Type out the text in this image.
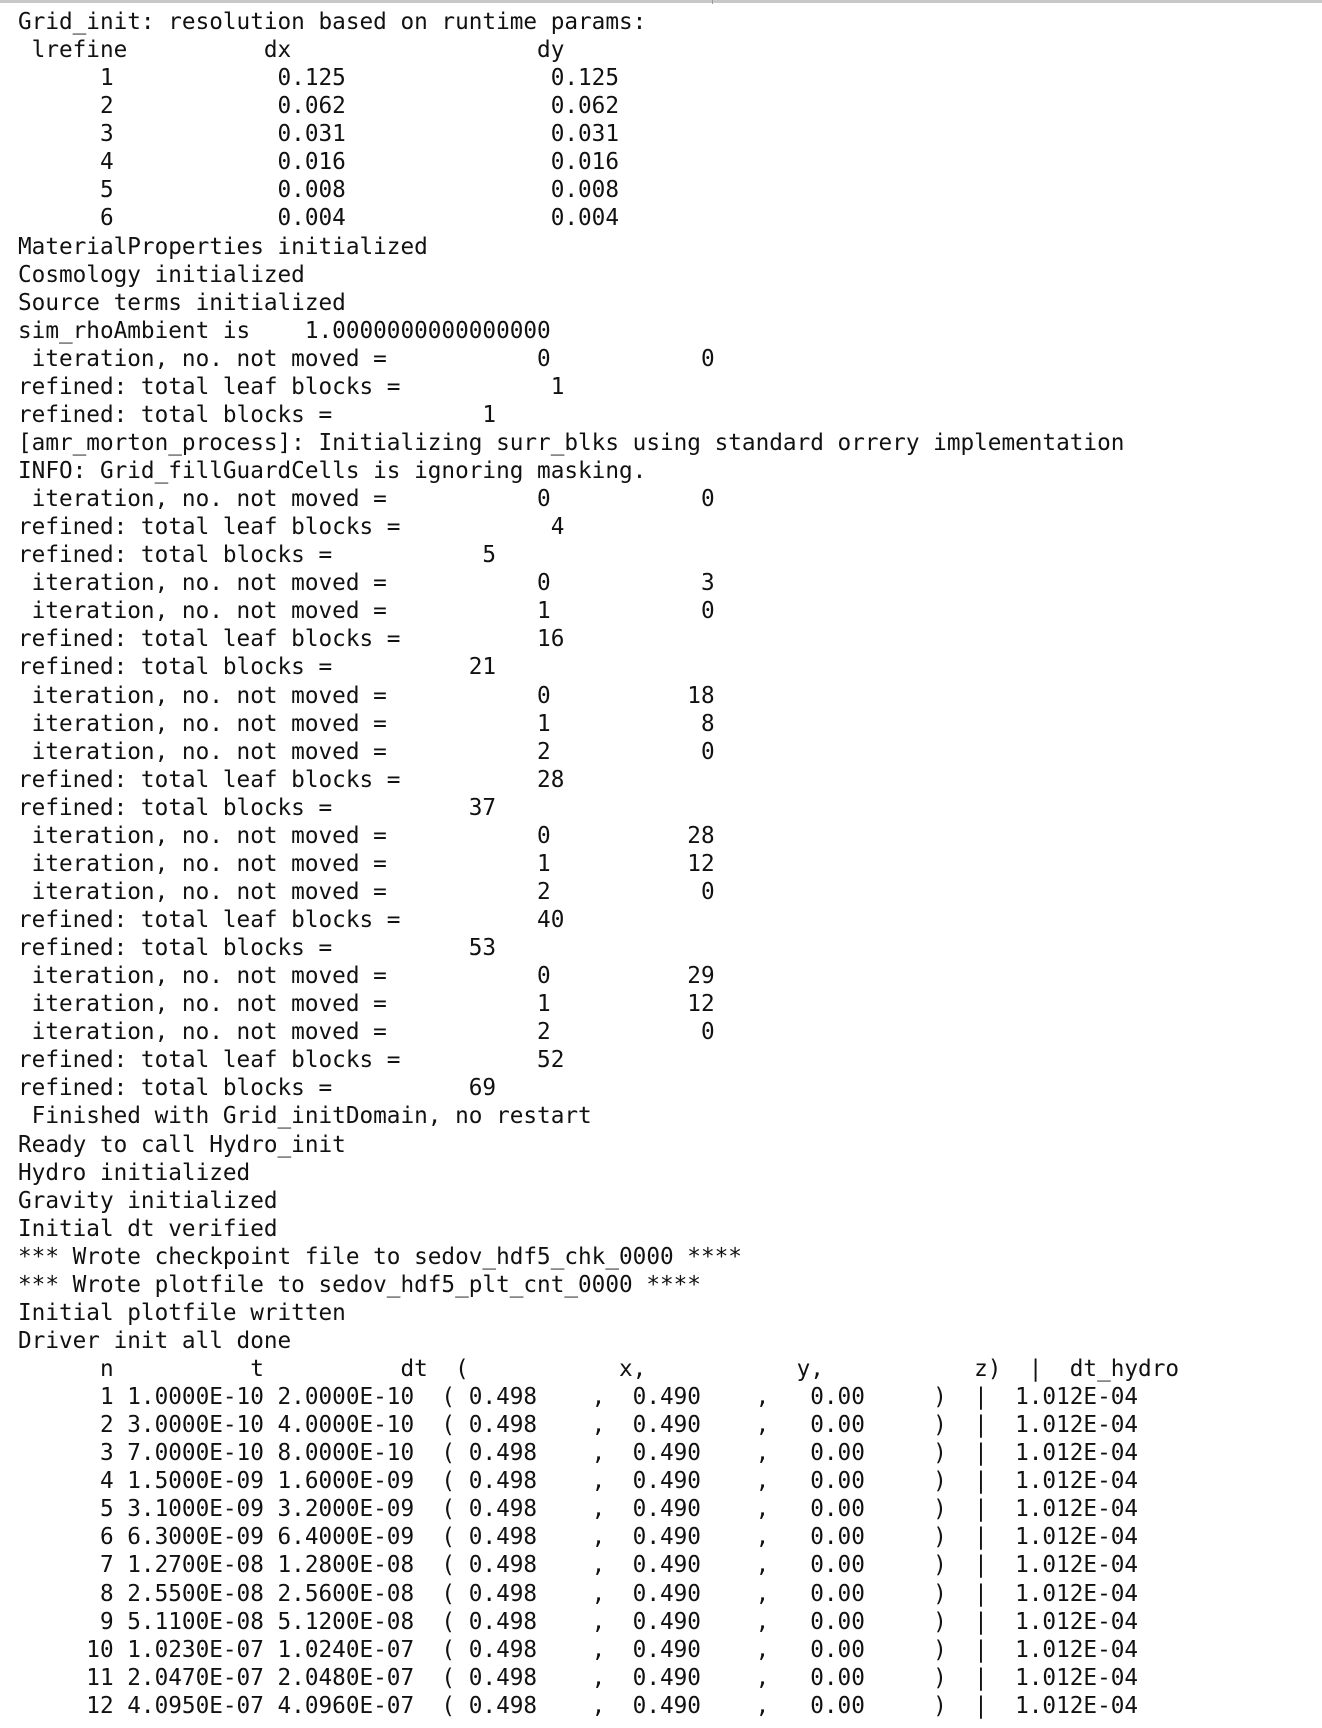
Grid_init: resolution based on runtime params:
lrefine          dx                  dy
1            0.125               0.125
2            0.062               0.062
3            0.031               0.031
4            0.016               0.016
5            0.008               0.008
6            0.004               0.004
MaterialProperties initialized
Cosmology initialized
Source terms initialized
sim_rhoAmbient is    1.0000000000000000
iteration, no. not moved =           0           0
refined: total leaf blocks =           1
refined: total blocks =           1
[amr_morton_process]: Initializing surr_blks using standard orrery implementation
INFO: Grid_fillGuardCells is ignoring masking.
iteration, no. not moved =           0           0
refined: total leaf blocks =           4
refined: total blocks =           5
iteration, no. not moved =           0           3
iteration, no. not moved =           1           0
refined: total leaf blocks =          16
refined: total blocks =          21
iteration, no. not moved =           0          18
iteration, no. not moved =           1           8
iteration, no. not moved =           2           0
refined: total leaf blocks =          28
refined: total blocks =          37
iteration, no. not moved =           0          28
iteration, no. not moved =           1          12
iteration, no. not moved =           2           0
refined: total leaf blocks =          40
refined: total blocks =          53
iteration, no. not moved =           0          29
iteration, no. not moved =           1          12
iteration, no. not moved =           2           0
refined: total leaf blocks =          52
refined: total blocks =          69
Finished with Grid_initDomain, no restart
Ready to call Hydro_init
Hydro initialized
Gravity initialized
Initial dt verified
*** Wrote checkpoint file to sedov_hdf5_chk_0000 ****
*** Wrote plotfile to sedov_hdf5_plt_cnt_0000 ****
Initial plotfile written
Driver init all done
n          t          dt  (           x,           y,           z)  |  dt_hydro
1 1.0000E-10 2.0000E-10  ( 0.498    ,  0.490    ,   0.00     )  |  1.012E-04
2 3.0000E-10 4.0000E-10  ( 0.498    ,  0.490    ,   0.00     )  |  1.012E-04
3 7.0000E-10 8.0000E-10  ( 0.498    ,  0.490    ,   0.00     )  |  1.012E-04
4 1.5000E-09 1.6000E-09  ( 0.498    ,  0.490    ,   0.00     )  |  1.012E-04
5 3.1000E-09 3.2000E-09  ( 0.498    ,  0.490    ,   0.00     )  |  1.012E-04
6 6.3000E-09 6.4000E-09  ( 0.498    ,  0.490    ,   0.00     )  |  1.012E-04
7 1.2700E-08 1.2800E-08  ( 0.498    ,  0.490    ,   0.00     )  |  1.012E-04
8 2.5500E-08 2.5600E-08  ( 0.498    ,  0.490    ,   0.00     )  |  1.012E-04
9 5.1100E-08 5.1200E-08  ( 0.498    ,  0.490    ,   0.00     )  |  1.012E-04
10 1.0230E-07 1.0240E-07  ( 0.498    ,  0.490    ,   0.00     )  |  1.012E-04
11 2.0470E-07 2.0480E-07  ( 0.498    ,  0.490    ,   0.00     )  |  1.012E-04
12 4.0950E-07 4.0960E-07  ( 0.498    ,  0.490    ,   0.00     )  |  1.012E-04
